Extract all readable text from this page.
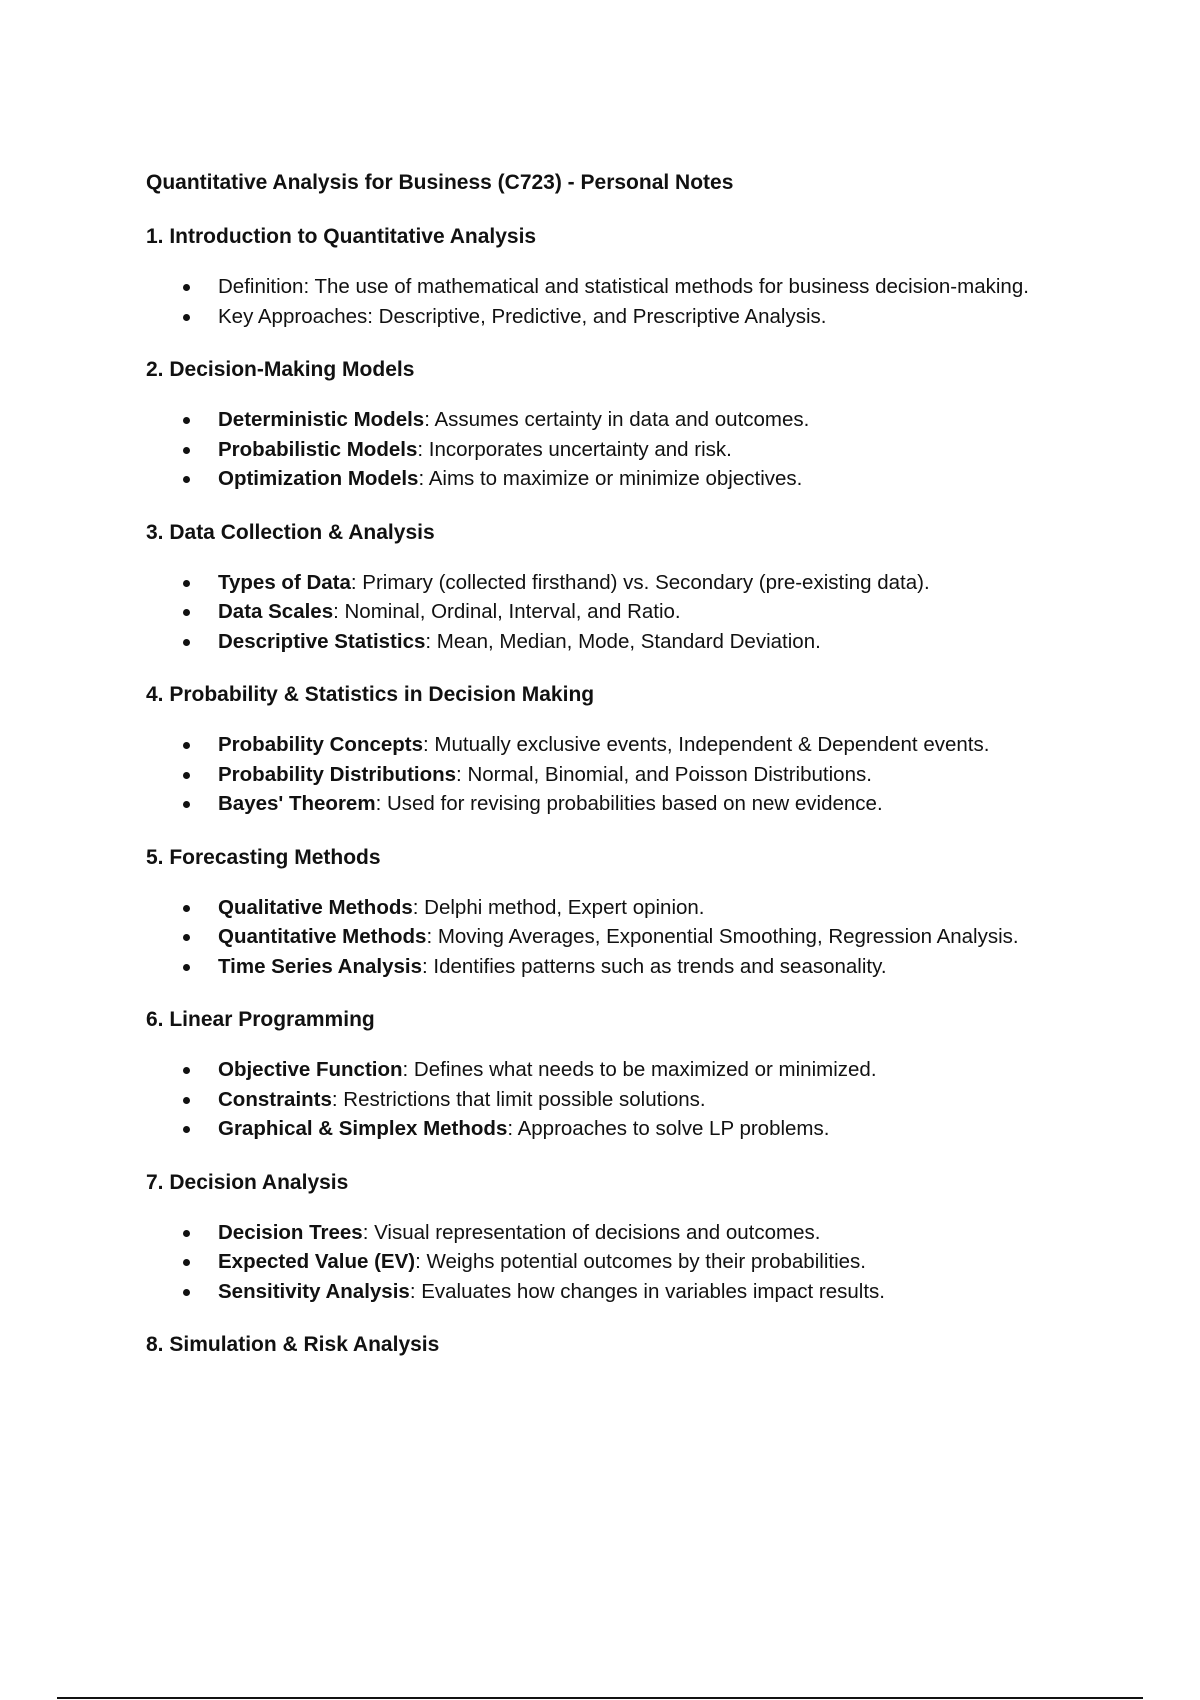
Quantitative Analysis for Business (C723) - Personal Notes
1. Introduction to Quantitative Analysis
Definition: The use of mathematical and statistical methods for business decision-making.
Key Approaches: Descriptive, Predictive, and Prescriptive Analysis.
2. Decision-Making Models
Deterministic Models: Assumes certainty in data and outcomes.
Probabilistic Models: Incorporates uncertainty and risk.
Optimization Models: Aims to maximize or minimize objectives.
3. Data Collection & Analysis
Types of Data: Primary (collected firsthand) vs. Secondary (pre-existing data).
Data Scales: Nominal, Ordinal, Interval, and Ratio.
Descriptive Statistics: Mean, Median, Mode, Standard Deviation.
4. Probability & Statistics in Decision Making
Probability Concepts: Mutually exclusive events, Independent & Dependent events.
Probability Distributions: Normal, Binomial, and Poisson Distributions.
Bayes' Theorem: Used for revising probabilities based on new evidence.
5. Forecasting Methods
Qualitative Methods: Delphi method, Expert opinion.
Quantitative Methods: Moving Averages, Exponential Smoothing, Regression Analysis.
Time Series Analysis: Identifies patterns such as trends and seasonality.
6. Linear Programming
Objective Function: Defines what needs to be maximized or minimized.
Constraints: Restrictions that limit possible solutions.
Graphical & Simplex Methods: Approaches to solve LP problems.
7. Decision Analysis
Decision Trees: Visual representation of decisions and outcomes.
Expected Value (EV): Weighs potential outcomes by their probabilities.
Sensitivity Analysis: Evaluates how changes in variables impact results.
8. Simulation & Risk Analysis
